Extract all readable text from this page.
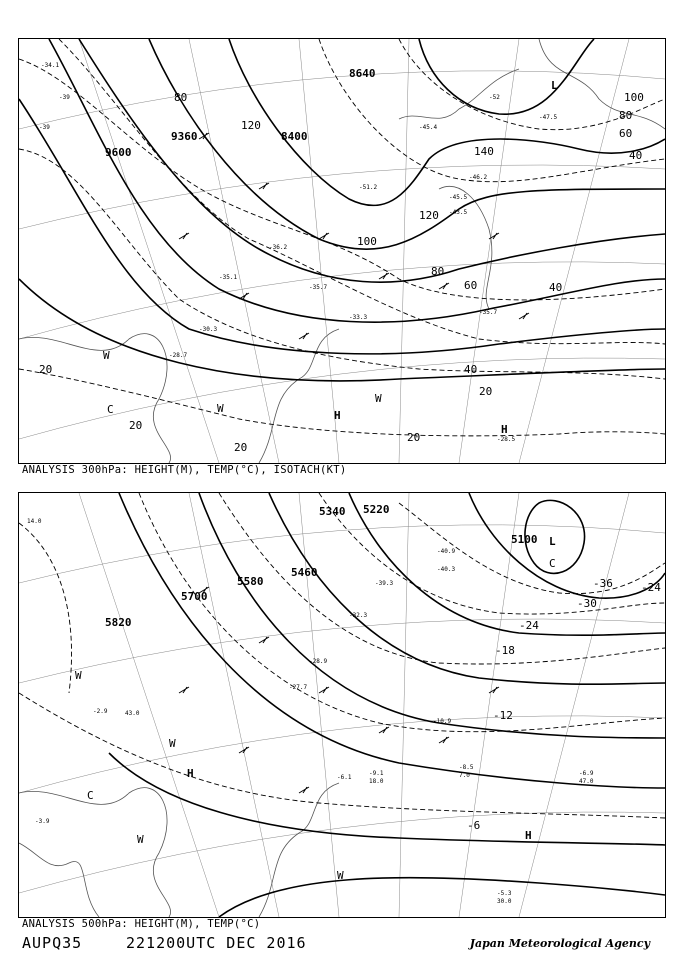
-34.1
-39
-39
-33.3
-30.3
-28.7
-35.7
-36.2
-46.2
-47.5
-45.5
-43.5
-52
-51.2
-45.4
-35.7
-35.1
-28.5
9600
9360
8640
8400
80
120
140
120
100
80
60	40
100
80
60
40
40
20
20
20
20
20
L
H
H
W
C	W
W
ANALYSIS 300hPa: HEIGHT(M), TEMP(°C), ISOTACH(KT)
-40.9
-40.3
-39.3
-32.3
-28.9
-27.7
-10.9
-9.1
-8.5
-6.1
-6.9
-5.3
-3.9
-2.9
14.0
43.0
30.0
7.0
18.0	47.0
5820
5700
5580
5460
5340 5220
5100
-24
-30
-36
-24
-18
-12
-6
L
H
H
W
C
W
W
W
C
ANALYSIS 500hPa: HEIGHT(M), TEMP(°C)
AUPQ35	221200UTC DEC 2016	Japan Meteorological Agency
